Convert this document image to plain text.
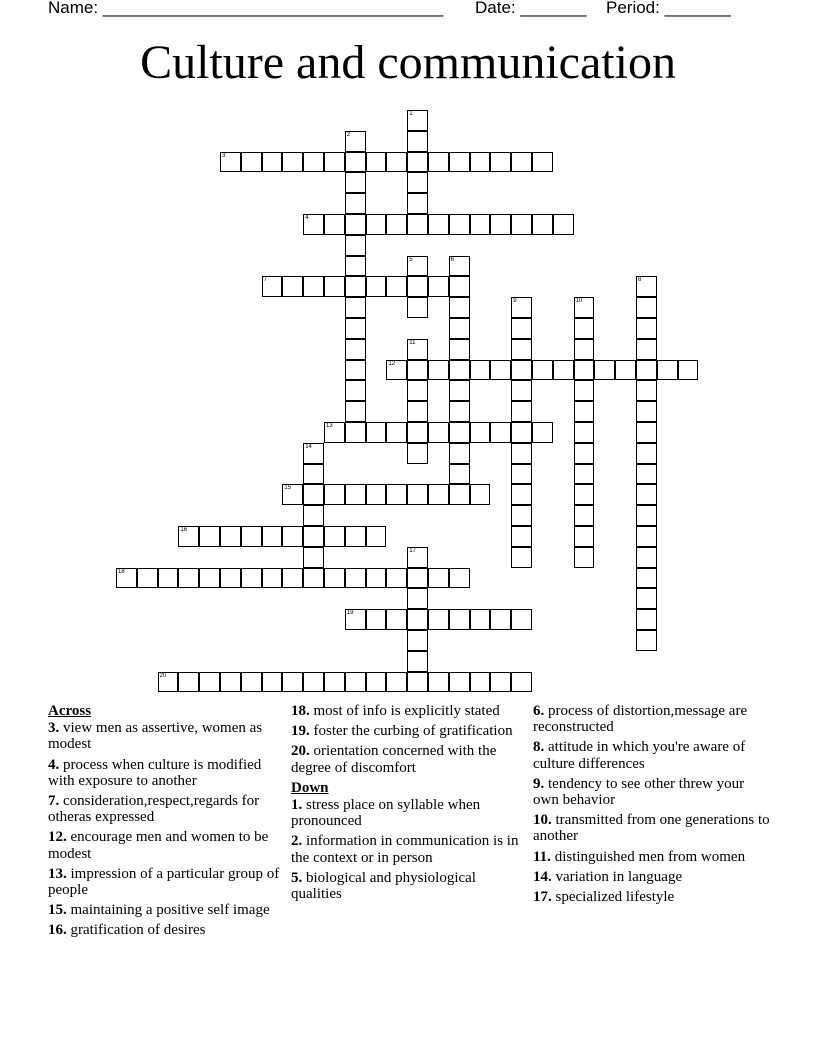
Name: ____________________________________

Date: _______

Period: _______

Culture and communication
1
2
3
4
5	6
7	8
9	10
11
12
13
14
15
16
17
18
19
20
Across
3. view men as assertive, women as modest
4. process when culture is modified with exposure to another
7. consideration,respect,regards for otheras expressed
12. encourage men and women to be modest
13. impression of a particular group of people
15. maintaining a positive self image
16. gratification of desires
18. most of info is explicitly stated
19. foster the curbing of gratification
20. orientation concerned with the degree of discomfort
Down
1. stress place on syllable when pronounced
2. information in communication is in the context or in person
5. biological and physiological qualities
6. process of distortion,message are reconstructed
8. attitude in which you're aware of culture differences
9. tendency to see other threw your own behavior
10. transmitted from one generations to another
11. distinguished men from women
14. variation in language
17. specialized lifestyle
